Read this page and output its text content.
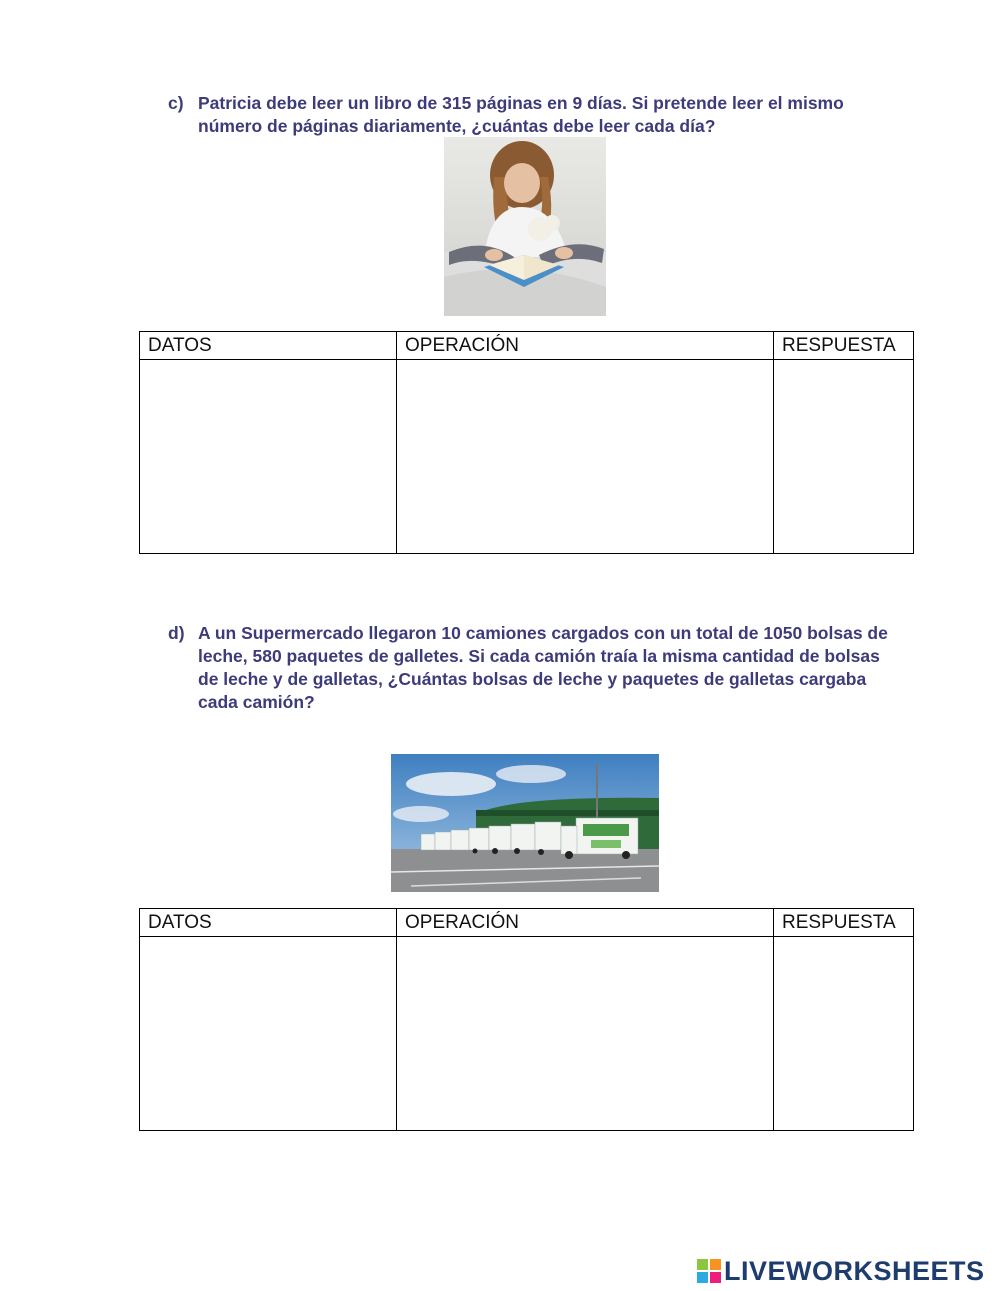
c) Patricia debe leer un libro de 315 páginas en 9 días. Si pretende leer el mismo número de páginas diariamente, ¿cuántas debe leer cada día?
DATOS	OPERACIÓN	RESPUESTA

d) A un Supermercado llegaron 10 camiones cargados con un total de 1050 bolsas de leche, 580 paquetes de galletes. Si cada camión traía la misma cantidad de bolsas de leche y de galletas, ¿Cuántas bolsas de leche y paquetes de galletas cargaba cada camión?
DATOS	OPERACIÓN	RESPUESTA

LIVEWORKSHEETS
